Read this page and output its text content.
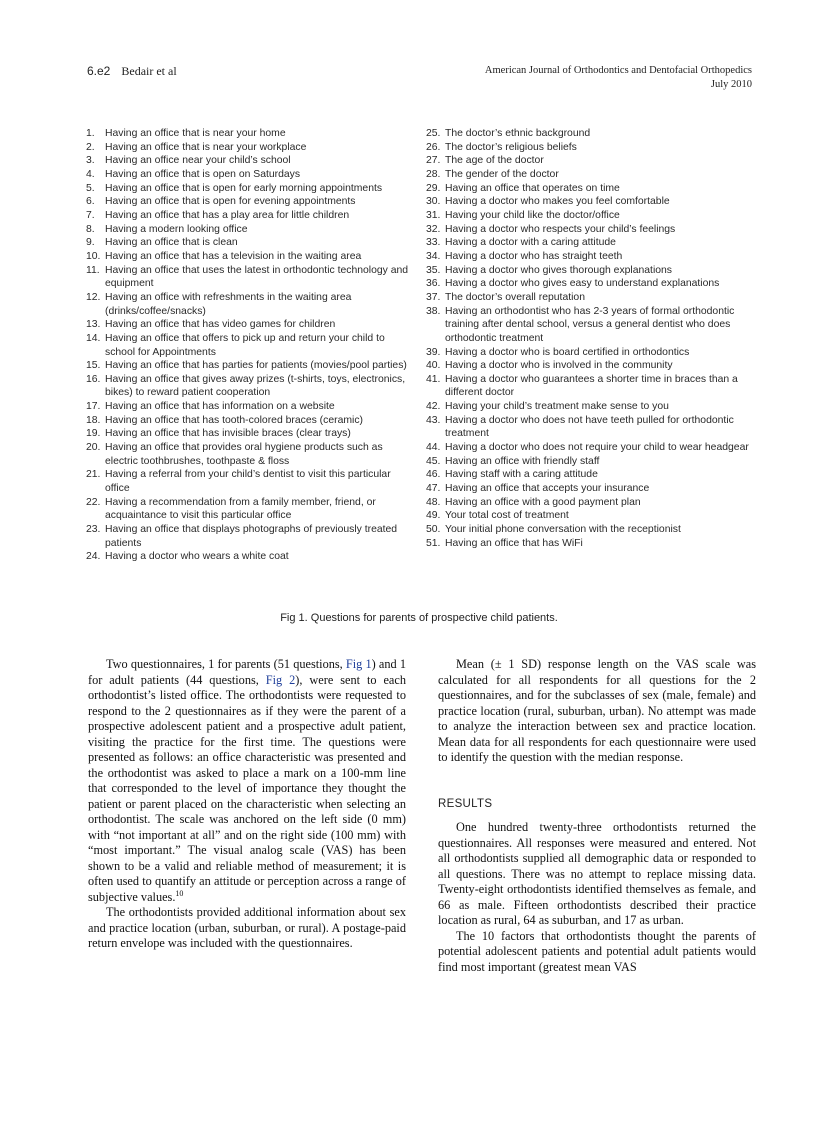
6.e2 Bedair et al	American Journal of Orthodontics and Dentofacial Orthopedics
July 2010
1. Having an office that is near your home
2. Having an office that is near your workplace
3. Having an office near your child’s school
4. Having an office that is open on Saturdays
5. Having an office that is open for early morning appointments
6. Having an office that is open for evening appointments
7. Having an office that has a play area for little children
8. Having a modern looking office
9. Having an office that is clean
10. Having an office that has a television in the waiting area
11. Having an office that uses the latest in orthodontic technology and equipment
12. Having an office with refreshments in the waiting area (drinks/coffee/snacks)
13. Having an office that has video games for children
14. Having an office that offers to pick up and return your child to school for Appointments
15. Having an office that has parties for patients (movies/pool parties)
16. Having an office that gives away prizes (t-shirts, toys, electronics, bikes) to reward patient cooperation
17. Having an office that has information on a website
18. Having an office that has tooth-colored braces (ceramic)
19. Having an office that has invisible braces (clear trays)
20. Having an office that provides oral hygiene products such as electric toothbrushes, toothpaste & floss
21. Having a referral from your child’s dentist to visit this particular office
22. Having a recommendation from a family member, friend, or acquaintance to visit this particular office
23. Having an office that displays photographs of previously treated patients
24. Having a doctor who wears a white coat
25. The doctor’s ethnic background
26. The doctor’s religious beliefs
27. The age of the doctor
28. The gender of the doctor
29. Having an office that operates on time
30. Having a doctor who makes you feel comfortable
31. Having your child like the doctor/office
32. Having a doctor who respects your child’s feelings
33. Having a doctor with a caring attitude
34. Having a doctor who has straight teeth
35. Having a doctor who gives thorough explanations
36. Having a doctor who gives easy to understand explanations
37. The doctor’s overall reputation
38. Having an orthodontist who has 2-3 years of formal orthodontic training after dental school, versus a general dentist who does orthodontic treatment
39. Having a doctor who is board certified in orthodontics
40. Having a doctor who is involved in the community
41. Having a doctor who guarantees a shorter time in braces than a different doctor
42. Having your child’s treatment make sense to you
43. Having a doctor who does not have teeth pulled for orthodontic treatment
44. Having a doctor who does not require your child to wear headgear
45. Having an office with friendly staff
46. Having staff with a caring attitude
47. Having an office that accepts your insurance
48. Having an office with a good payment plan
49. Your total cost of treatment
50. Your initial phone conversation with the receptionist
51. Having an office that has WiFi
Fig 1. Questions for parents of prospective child patients.

Two questionnaires, 1 for parents (51 questions, Fig 1) and 1 for adult patients (44 questions, Fig 2), were sent to each orthodontist’s listed office. The orthodontists were requested to respond to the 2 questionnaires as if they were the parent of a prospective adolescent patient and a prospective adult patient, visiting the practice for the first time. The questions were presented as follows: an office characteristic was presented and the orthodontist was asked to place a mark on a 100-mm line that corresponded to the level of importance they thought the patient or parent placed on the characteristic when selecting an orthodontist. The scale was anchored on the left side (0 mm) with “not important at all” and on the right side (100 mm) with “most important.” The visual analog scale (VAS) has been shown to be a valid and reliable method of measurement; it is often used to quantify an attitude or perception across a range of subjective values.$^{10}$

The orthodontists provided additional information about sex and practice location (urban, suburban, or rural). A postage-paid return envelope was included with the questionnaires.

Mean (± 1 SD) response length on the VAS scale was calculated for all respondents for all questions for the 2 questionnaires, and for the subclasses of sex (male, female) and practice location (rural, suburban, urban). No attempt was made to analyze the interaction between sex and practice location. Mean data for all respondents for each questionnaire were used to identify the question with the median response.

RESULTS

One hundred twenty-three orthodontists returned the questionnaires. All responses were measured and entered. Not all orthodontists supplied all demographic data or responded to all questions. There was no attempt to replace missing data. Twenty-eight orthodontists identified themselves as female, and 66 as male. Fifteen orthodontists described their practice location as rural, 64 as suburban, and 17 as urban.

The 10 factors that orthodontists thought the parents of potential adolescent patients and potential adult patients would find most important (greatest mean VAS
